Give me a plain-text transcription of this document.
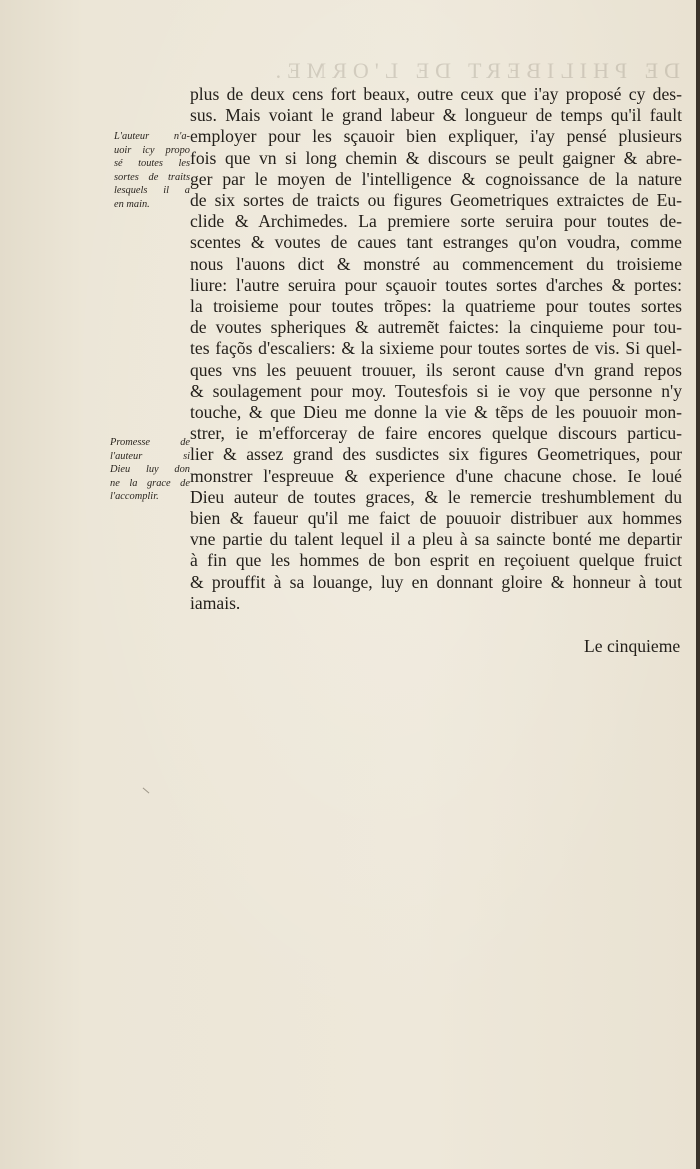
DE PHILIBERT DE L'ORME.
L'auteur n'a-
uoir icy propo
sé toutes les
sortes de traits
lesquels il a
en main.
Promesse de
l'auteur si
Dieu luy don
ne la grace de
l'accomplir.
plus de deux cens fort beaux, outre ceux que i'ay proposé cy des-
sus. Mais voiant le grand labeur & longueur de temps qu'il fault
employer pour les sçauoir bien expliquer, i'ay pensé plusieurs
fois que vn si long chemin & discours se peult gaigner & abre-
ger par le moyen de l'intelligence & cognoissance de la nature
de six sortes de traicts ou figures Geometriques extraictes de Eu-
clide & Archimedes. La premiere sorte seruira pour toutes de-
scentes & voutes de caues tant estranges qu'on voudra, comme
nous l'auons dict & monstré au commencement du troisieme
liure: l'autre seruira pour sçauoir toutes sortes d'arches & portes:
la troisieme pour toutes trõpes: la quatrieme pour toutes sortes
de voutes spheriques & autremẽt faictes: la cinquieme pour tou-
tes façõs d'escaliers: & la sixieme pour toutes sortes de vis. Si quel-
ques vns les peuuent trouuer, ils seront cause d'vn grand repos
& soulagement pour moy. Toutesfois si ie voy que personne n'y
touche, & que Dieu me donne la vie & tẽps de les pouuoir mon-
strer, ie m'efforceray de faire encores quelque discours particu-
lier & assez grand des susdictes six figures Geometriques, pour
monstrer l'espreuue & experience d'une chacune chose. Ie loué
Dieu auteur de toutes graces, & le remercie treshumblement du
bien & faueur qu'il me faict de pouuoir distribuer aux hommes
vne partie du talent lequel il a pleu à sa saincte bonté me departir
à fin que les hommes de bon esprit en reçoiuent quelque fruict
& prouffit à sa louange, luy en donnant gloire & honneur à tout
iamais.
Le cinquieme
